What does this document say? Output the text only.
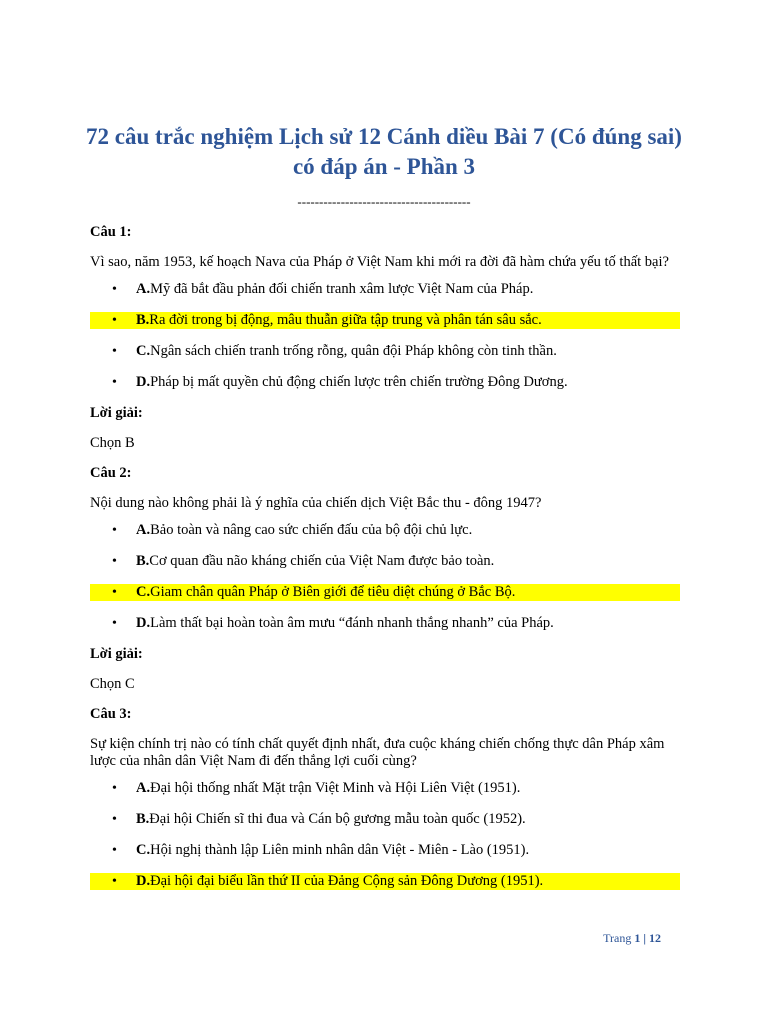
72 câu trắc nghiệm Lịch sử 12 Cánh diều Bài 7 (Có đúng sai)
có đáp án - Phần 3
----------------------------------------
Câu 1:
Vì sao, năm 1953, kế hoạch Nava của Pháp ở Việt Nam khi mới ra đời đã hàm chứa yếu tố thất bại?
• A.Mỹ đã bắt đầu phản đối chiến tranh xâm lược Việt Nam của Pháp.
• B.Ra đời trong bị động, mâu thuẫn giữa tập trung và phân tán sâu sắc.
• C.Ngân sách chiến tranh trống rỗng, quân đội Pháp không còn tinh thần.
• D.Pháp bị mất quyền chủ động chiến lược trên chiến trường Đông Dương.
Lời giải:
Chọn B
Câu 2:
Nội dung nào không phải là ý nghĩa của chiến dịch Việt Bắc thu - đông 1947?
• A.Bảo toàn và nâng cao sức chiến đấu của bộ đội chủ lực.
• B.Cơ quan đầu não kháng chiến của Việt Nam được bảo toàn.
• C.Giam chân quân Pháp ở Biên giới để tiêu diệt chúng ở Bắc Bộ.
• D.Làm thất bại hoàn toàn âm mưu “đánh nhanh thắng nhanh” của Pháp.
Lời giải:
Chọn C
Câu 3:
Sự kiện chính trị nào có tính chất quyết định nhất, đưa cuộc kháng chiến chống thực dân Pháp xâm lược của nhân dân Việt Nam đi đến thắng lợi cuối cùng?
• A.Đại hội thống nhất Mặt trận Việt Minh và Hội Liên Việt (1951).
• B.Đại hội Chiến sĩ thi đua và Cán bộ gương mẫu toàn quốc (1952).
• C.Hội nghị thành lập Liên minh nhân dân Việt - Miên - Lào (1951).
• D.Đại hội đại biểu lần thứ II của Đảng Cộng sản Đông Dương (1951).
Trang 1 | 12
